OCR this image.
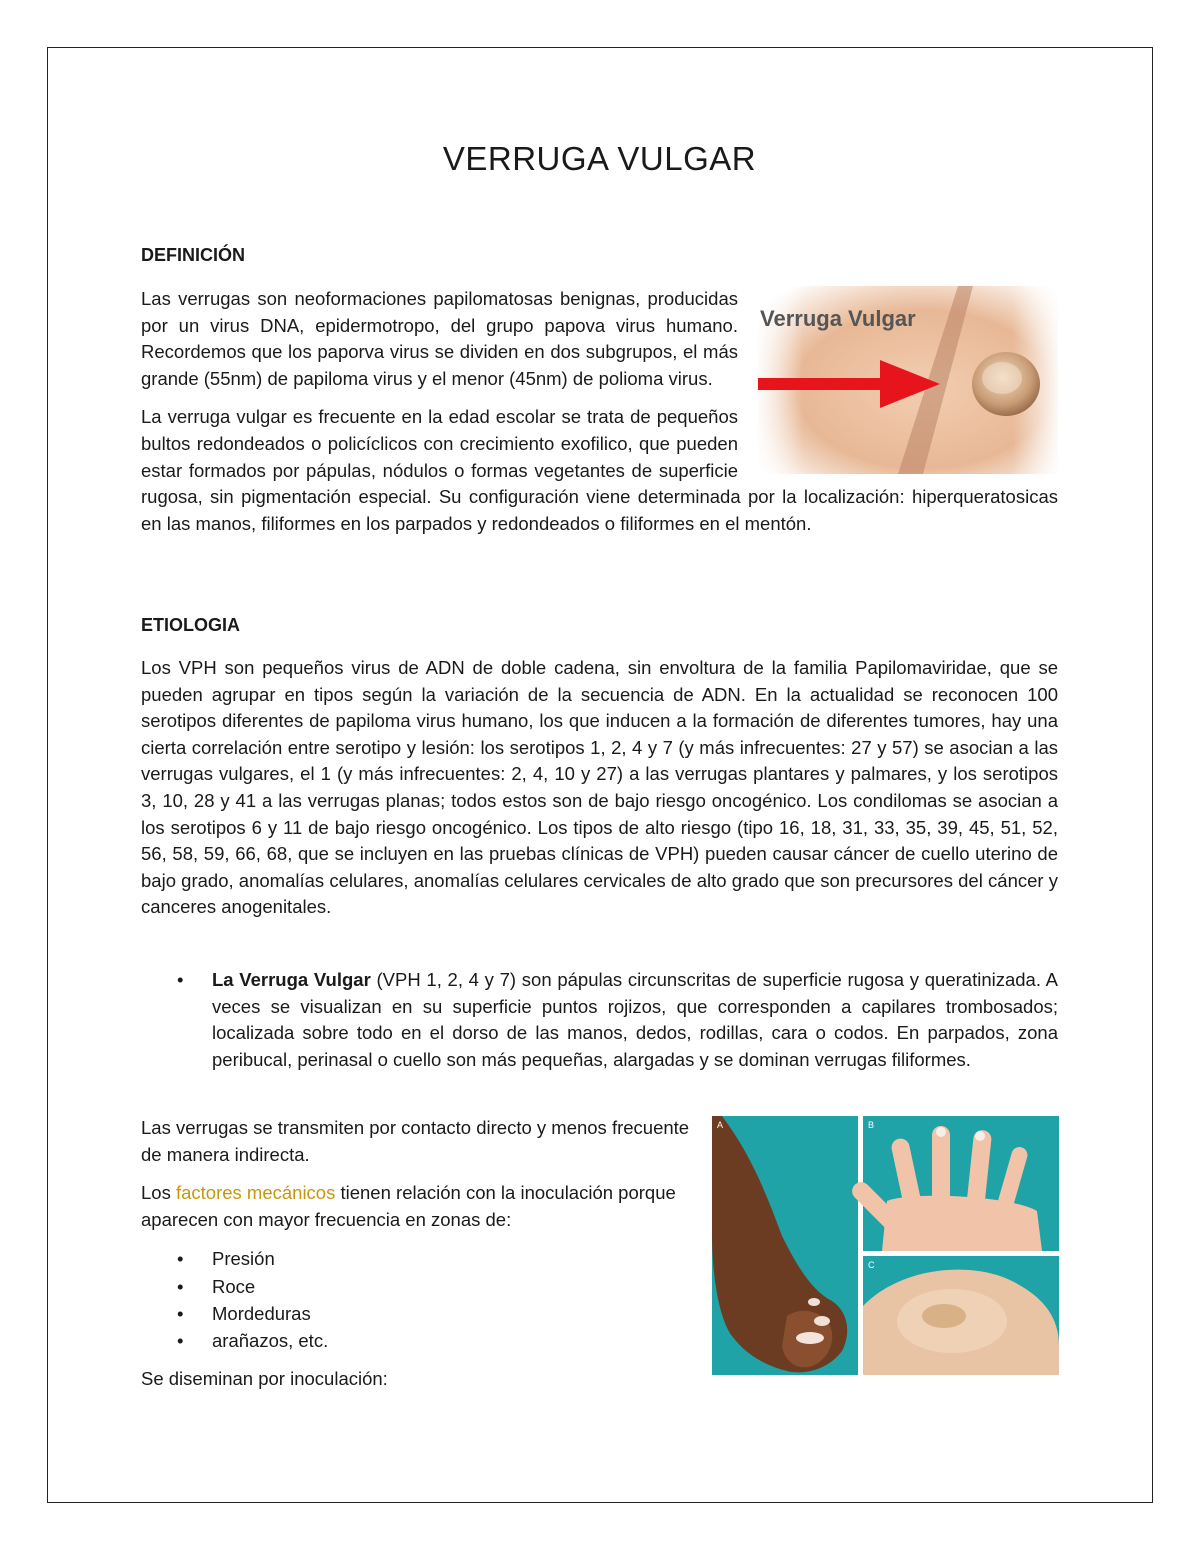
VERRUGA VULGAR
DEFINICIÓN
Verruga Vulgar

Las verrugas son neoformaciones papilomatosas benignas, producidas por un virus DNA, epidermotropo, del grupo papova virus humano. Recordemos que los paporva virus se dividen en dos subgrupos, el más grande (55nm) de papiloma virus y el menor (45nm) de polioma virus.

La verruga vulgar es frecuente en la edad escolar se trata de pequeños bultos redondeados o policíclicos con crecimiento exofilico, que pueden estar formados por pápulas, nódulos o formas vegetantes de superficie rugosa, sin pigmentación especial. Su configuración viene determinada por la localización: hiperqueratosicas en las manos, filiformes en los parpados y redondeados o filiformes en el mentón.

ETIOLOGIA

Los VPH son pequeños virus de ADN de doble cadena, sin envoltura de la familia Papilomaviridae, que se pueden agrupar en tipos según la variación de la secuencia de ADN. En la actualidad se reconocen 100 serotipos diferentes de papiloma virus humano, los que inducen a la formación de diferentes tumores, hay una cierta correlación entre serotipo y lesión: los serotipos 1, 2, 4 y 7 (y más infrecuentes: 27 y 57) se asocian a las verrugas vulgares, el 1 (y más infrecuentes: 2, 4, 10 y 27) a las verrugas plantares y palmares, y los serotipos 3, 10, 28 y 41 a las verrugas planas; todos estos son de bajo riesgo oncogénico. Los condilomas se asocian a los serotipos 6 y 11 de bajo riesgo oncogénico. Los tipos de alto riesgo (tipo 16, 18, 31, 33, 35, 39, 45, 51, 52, 56, 58, 59, 66, 68, que se incluyen en las pruebas clínicas de VPH) pueden causar cáncer de cuello uterino de bajo grado, anomalías celulares, anomalías celulares cervicales de alto grado que son precursores del cáncer y canceres anogenitales.

• La Verruga Vulgar (VPH 1, 2, 4 y 7) son pápulas circunscritas de superficie rugosa y queratinizada. A veces se visualizan en su superficie puntos rojizos, que corresponden a capilares trombosados; localizada sobre todo en el dorso de las manos, dedos, rodillas, cara o codos. En parpados, zona peribucal, perinasal o cuello son más pequeñas, alargadas y se dominan verrugas filiformes.

Las verrugas se transmiten por contacto directo y menos frecuente de manera indirecta.

Los factores mecánicos tienen relación con la inoculación porque aparecen con mayor frecuencia en zonas de:

• Presión
• Roce
• Mordeduras
• arañazos, etc.

Se diseminan por inoculación:

A	B
C
